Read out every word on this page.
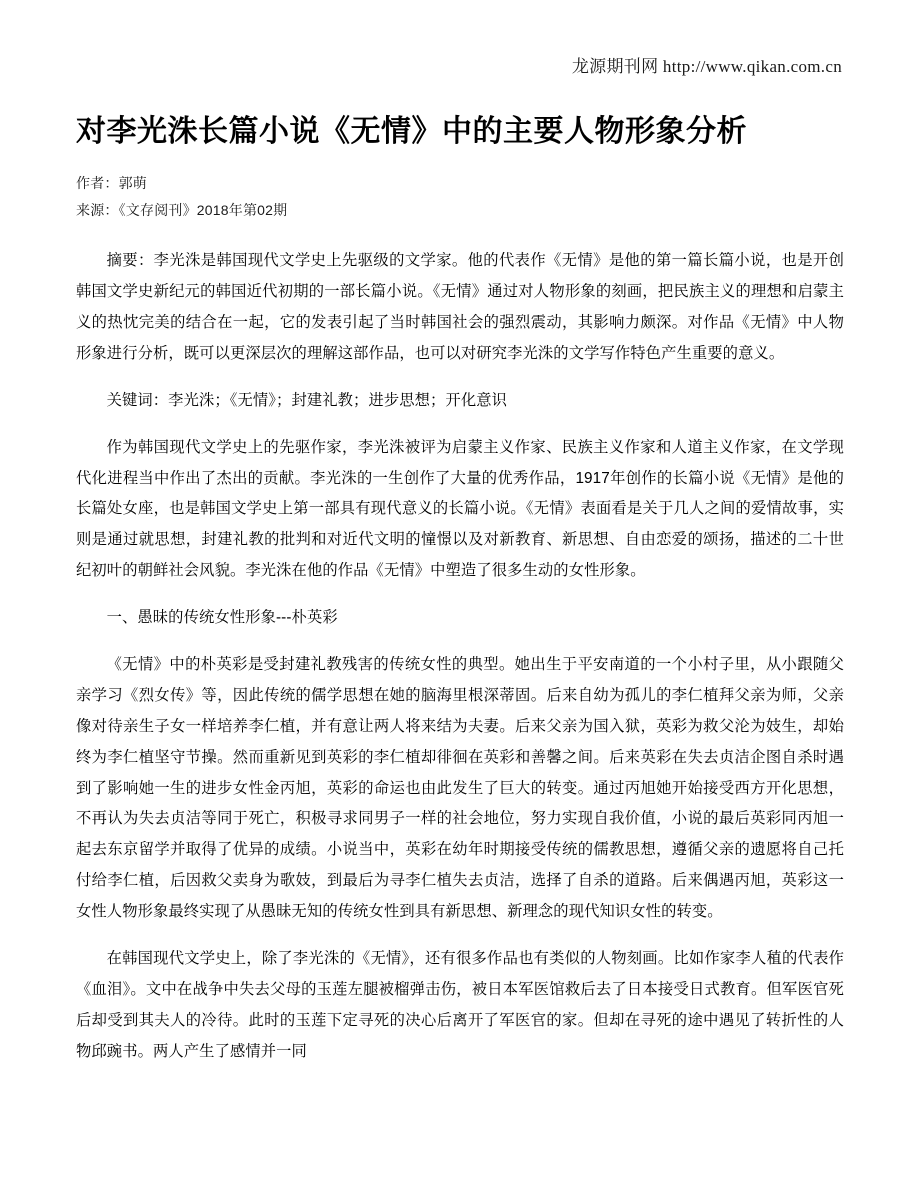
龙源期刊网 http://www.qikan.com.cn
对李光洙长篇小说《无情》中的主要人物形象分析
作者：郭萌
来源：《文存阅刊》2018年第02期

摘要：李光洙是韩国现代文学史上先驱级的文学家。他的代表作《无情》是他的第一篇长篇小说，也是开创韩国文学史新纪元的韩国近代初期的一部长篇小说。《无情》通过对人物形象的刻画，把民族主义的理想和启蒙主义的热忱完美的结合在一起，它的发表引起了当时韩国社会的强烈震动，其影响力颇深。对作品《无情》中人物形象进行分析，既可以更深层次的理解这部作品，也可以对研究李光洙的文学写作特色产生重要的意义。

关键词：李光洙；《无情》；封建礼教；进步思想；开化意识

作为韩国现代文学史上的先驱作家，李光洙被评为启蒙主义作家、民族主义作家和人道主义作家，在文学现代化进程当中作出了杰出的贡献。李光洙的一生创作了大量的优秀作品，1917年创作的长篇小说《无情》是他的长篇处女座，也是韩国文学史上第一部具有现代意义的长篇小说。《无情》表面看是关于几人之间的爱情故事，实则是通过就思想，封建礼教的批判和对近代文明的憧憬以及对新教育、新思想、自由恋爱的颂扬，描述的二十世纪初叶的朝鲜社会风貌。李光洙在他的作品《无情》中塑造了很多生动的女性形象。

一、愚昧的传统女性形象---朴英彩

《无情》中的朴英彩是受封建礼教残害的传统女性的典型。她出生于平安南道的一个小村子里，从小跟随父亲学习《烈女传》等，因此传统的儒学思想在她的脑海里根深蒂固。后来自幼为孤儿的李仁植拜父亲为师，父亲像对待亲生子女一样培养李仁植，并有意让两人将来结为夫妻。后来父亲为国入狱，英彩为救父沦为妓生，却始终为李仁植坚守节操。然而重新见到英彩的李仁植却徘徊在英彩和善馨之间。后来英彩在失去贞洁企图自杀时遇到了影响她一生的进步女性金丙旭，英彩的命运也由此发生了巨大的转变。通过丙旭她开始接受西方开化思想，不再认为失去贞洁等同于死亡，积极寻求同男子一样的社会地位，努力实现自我价值，小说的最后英彩同丙旭一起去东京留学并取得了优异的成绩。小说当中，英彩在幼年时期接受传统的儒教思想，遵循父亲的遗愿将自己托付给李仁植，后因救父卖身为歌妓，到最后为寻李仁植失去贞洁，选择了自杀的道路。后来偶遇丙旭，英彩这一女性人物形象最终实现了从愚昧无知的传统女性到具有新思想、新理念的现代知识女性的转变。

在韩国现代文学史上，除了李光洙的《无情》，还有很多作品也有类似的人物刻画。比如作家李人稙的代表作《血泪》。文中在战争中失去父母的玉莲左腿被榴弹击伤，被日本军医馆救后去了日本接受日式教育。但军医官死后却受到其夫人的冷待。此时的玉莲下定寻死的决心后离开了军医官的家。但却在寻死的途中遇见了转折性的人物邱豌书。两人产生了感情并一同
